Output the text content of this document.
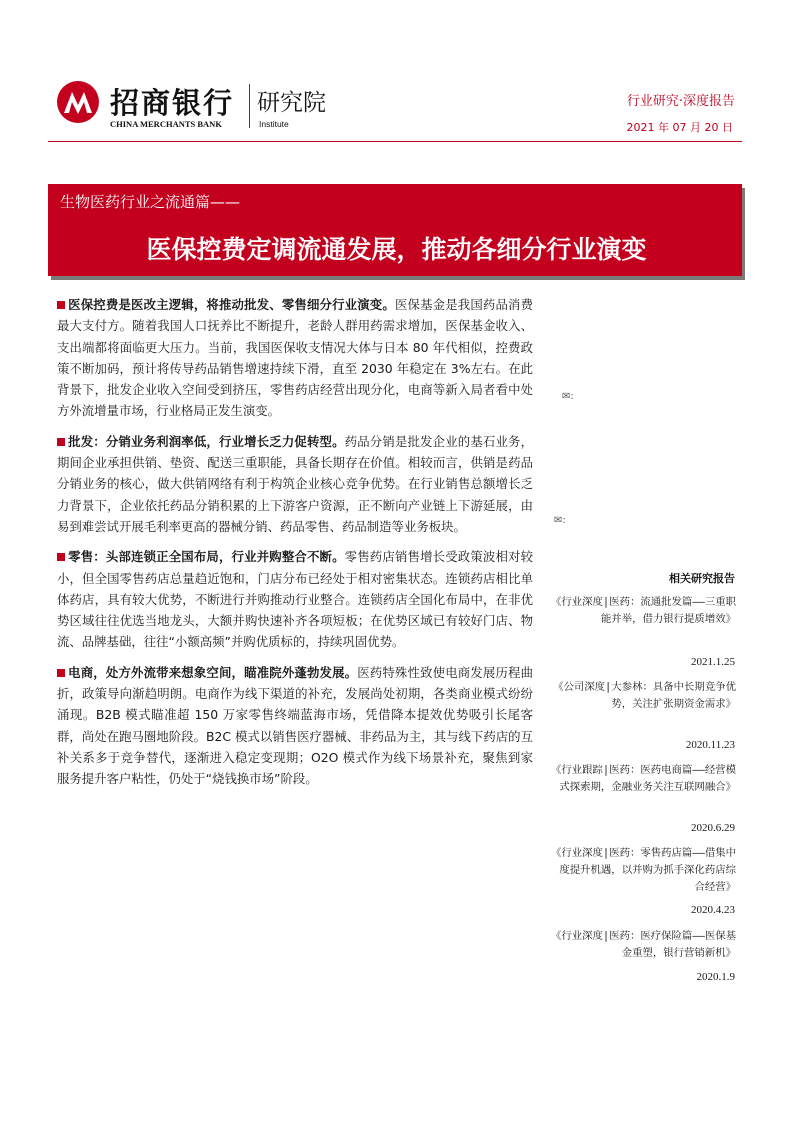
招商银行
CHINA MERCHANTS BANK
研究院
Institute
行业研究·深度报告
2021 年 07 月 20 日
生物医药行业之流通篇——
医保控费定调流通发展，推动各细分行业演变

医保控费是医改主逻辑，将推动批发、零售细分行业演变。医保基金是我国药品消费最大支付方。随着我国人口抚养比不断提升，老龄人群用药需求增加，医保基金收入、支出端都将面临更大压力。当前，我国医保收支情况大体与日本 80 年代相似，控费政策不断加码，预计将传导药品销售增速持续下滑，直至 2030 年稳定在 3%左右。在此背景下，批发企业收入空间受到挤压，零售药店经营出现分化，电商等新入局者看中处方外流增量市场，行业格局正发生演变。

批发：分销业务利润率低，行业增长乏力促转型。药品分销是批发企业的基石业务，期间企业承担供销、垫资、配送三重职能，具备长期存在价值。相较而言，供销是药品分销业务的核心，做大供销网络有利于构筑企业核心竞争优势。在行业销售总额增长乏力背景下，企业依托药品分销积累的上下游客户资源，正不断向产业链上下游延展，由易到难尝试开展毛利率更高的器械分销、药品零售、药品制造等业务板块。

零售：头部连锁正全国布局，行业并购整合不断。零售药店销售增长受政策波相对较小，但全国零售药店总量趋近饱和，门店分布已经处于相对密集状态。连锁药店相比单体药店，具有较大优势，不断进行并购推动行业整合。连锁药店全国化布局中，在非优势区域往往优选当地龙头，大额并购快速补齐各项短板；在优势区域已有较好门店、物流、品牌基础，往往“小额高频”并购优质标的，持续巩固优势。

电商，处方外流带来想象空间，瞄准院外蓬勃发展。医药特殊性致使电商发展历程曲折，政策导向渐趋明朗。电商作为线下渠道的补充，发展尚处初期，各类商业模式纷纷涌现。B2B 模式瞄准超 150 万家零售终端蓝海市场，凭借降本提效优势吸引长尾客群，尚处在跑马圈地阶段。B2C 模式以销售医疗器械、非药品为主，其与线下药店的互补关系多于竞争替代，逐渐进入稳定变现期；O2O 模式作为线下场景补充，聚焦到家服务提升客户粘性，仍处于“烧钱换市场”阶段。

✉:
✉:
相关研究报告
《行业深度|医药：流通批发篇——三重职能并举，借力银行提质增效》
2021.1.25
《公司深度|大参林：具备中长期竞争优势，关注扩张期资金需求》
2020.11.23
《行业跟踪|医药：医药电商篇——经营模式探索期，金融业务关注互联网融合》
2020.6.29
《行业深度|医药：零售药店篇——借集中度提升机遇，以并购为抓手深化药店综合经营》
2020.4.23
《行业深度|医药：医疗保险篇——医保基金重塑，银行营销新机》
2020.1.9
